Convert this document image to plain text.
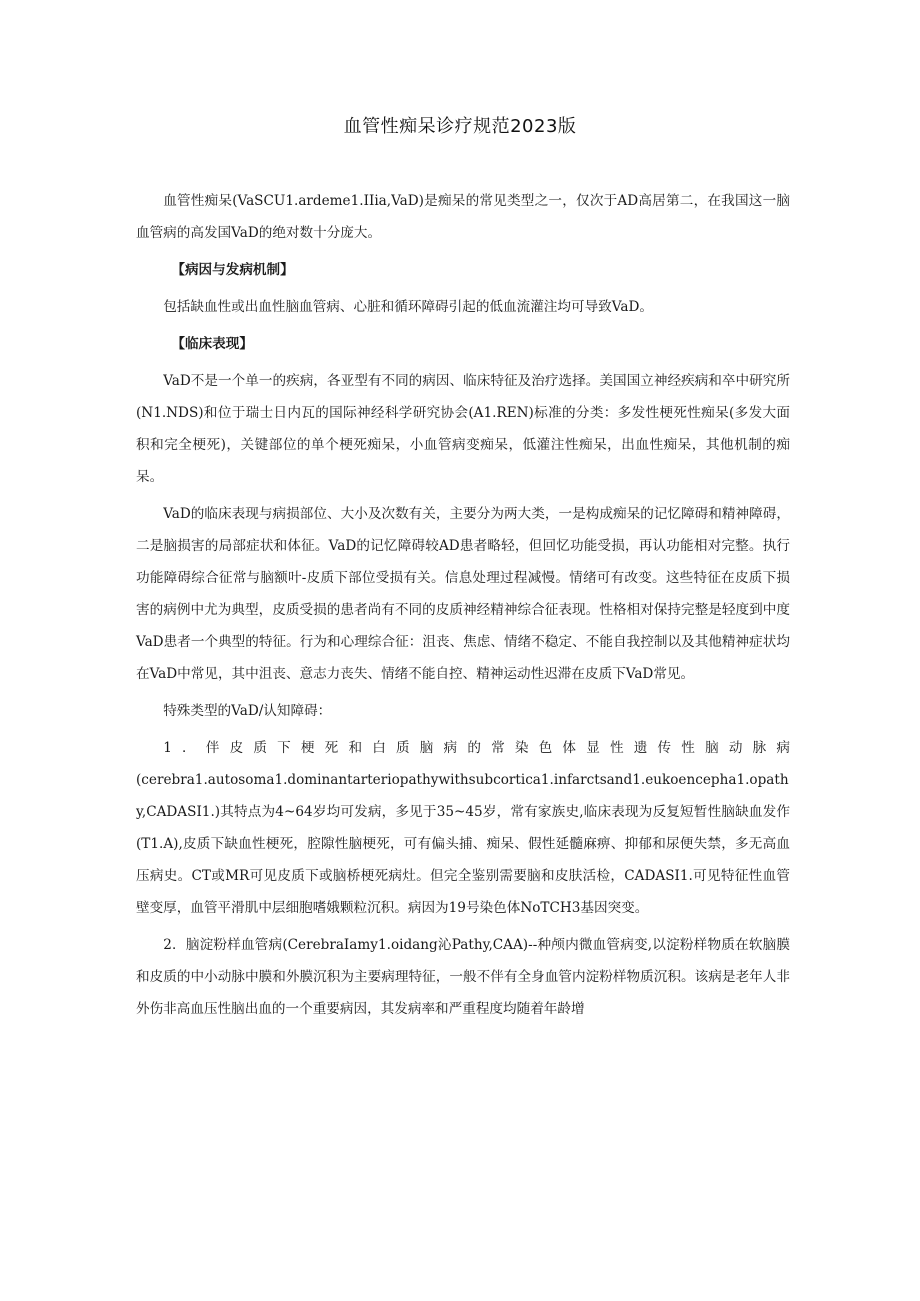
血管性痴呆诊疗规范2023版

血管性痴呆(VaSCU1.ardeme1.IIia,VaD)是痴呆的常见类型之一，仅次于AD高居第二，在我国这一脑血管病的高发国VaD的绝对数十分庞大。

【病因与发病机制】

包括缺血性或出血性脑血管病、心脏和循环障碍引起的低血流灌注均可导致VaD。

【临床表现】

VaD不是一个单一的疾病，各亚型有不同的病因、临床特征及治疗选择。美国国立神经疾病和卒中研究所(N1.NDS)和位于瑞士日内瓦的国际神经科学研究协会(A1.REN)标准的分类：多发性梗死性痴呆(多发大面积和完全梗死)，关键部位的单个梗死痴呆，小血管病变痴呆，低灌注性痴呆，出血性痴呆，其他机制的痴呆。

VaD的临床表现与病损部位、大小及次数有关，主要分为两大类，一是构成痴呆的记忆障碍和精神障碍，二是脑损害的局部症状和体征。VaD的记忆障碍较AD患者略轻，但回忆功能受损，再认功能相对完整。执行功能障碍综合征常与脑额叶-皮质下部位受损有关。信息处理过程减慢。情绪可有改变。这些特征在皮质下损害的病例中尤为典型，皮质受损的患者尚有不同的皮质神经精神综合征表现。性格相对保持完整是轻度到中度VaD患者一个典型的特征。行为和心理综合征：沮丧、焦虑、情绪不稳定、不能自我控制以及其他精神症状均在VaD中常见，其中沮丧、意志力丧失、情绪不能自控、精神运动性迟滞在皮质下VaD常见。

特殊类型的VaD/认知障碍：

1．伴皮质下梗死和白质脑病的常染色体显性遗传性脑动脉病

(cerebra1.autosoma1.dominantarteriopathywithsubcortica1.infarctsand1.eukoencepha1.opathy,CADASI1.)其特点为4~64岁均可发病，多见于35~45岁，常有家族史,临床表现为反复短暂性脑缺血发作(T1.A),皮质下缺血性梗死，腔隙性脑梗死，可有偏头捕、痴呆、假性延髓麻痹、抑郁和尿便失禁，多无高血压病史。CT或MR可见皮质下或脑桥梗死病灶。但完全鉴别需要脑和皮肤活检，CADASI1.可见特征性血管壁变厚，血管平滑肌中层细胞嗜娥颗粒沉积。病因为19号染色体NoTCH3基因突变。

2．脑淀粉样血管病(CerebraIamy1.oidang沁Pathy,CAA)--种颅内微血管病变,以淀粉样物质在软脑膜和皮质的中小动脉中膜和外膜沉积为主要病理特征，一般不伴有全身血管内淀粉样物质沉积。该病是老年人非外伤非高血压性脑出血的一个重要病因，其发病率和严重程度均随着年龄增
